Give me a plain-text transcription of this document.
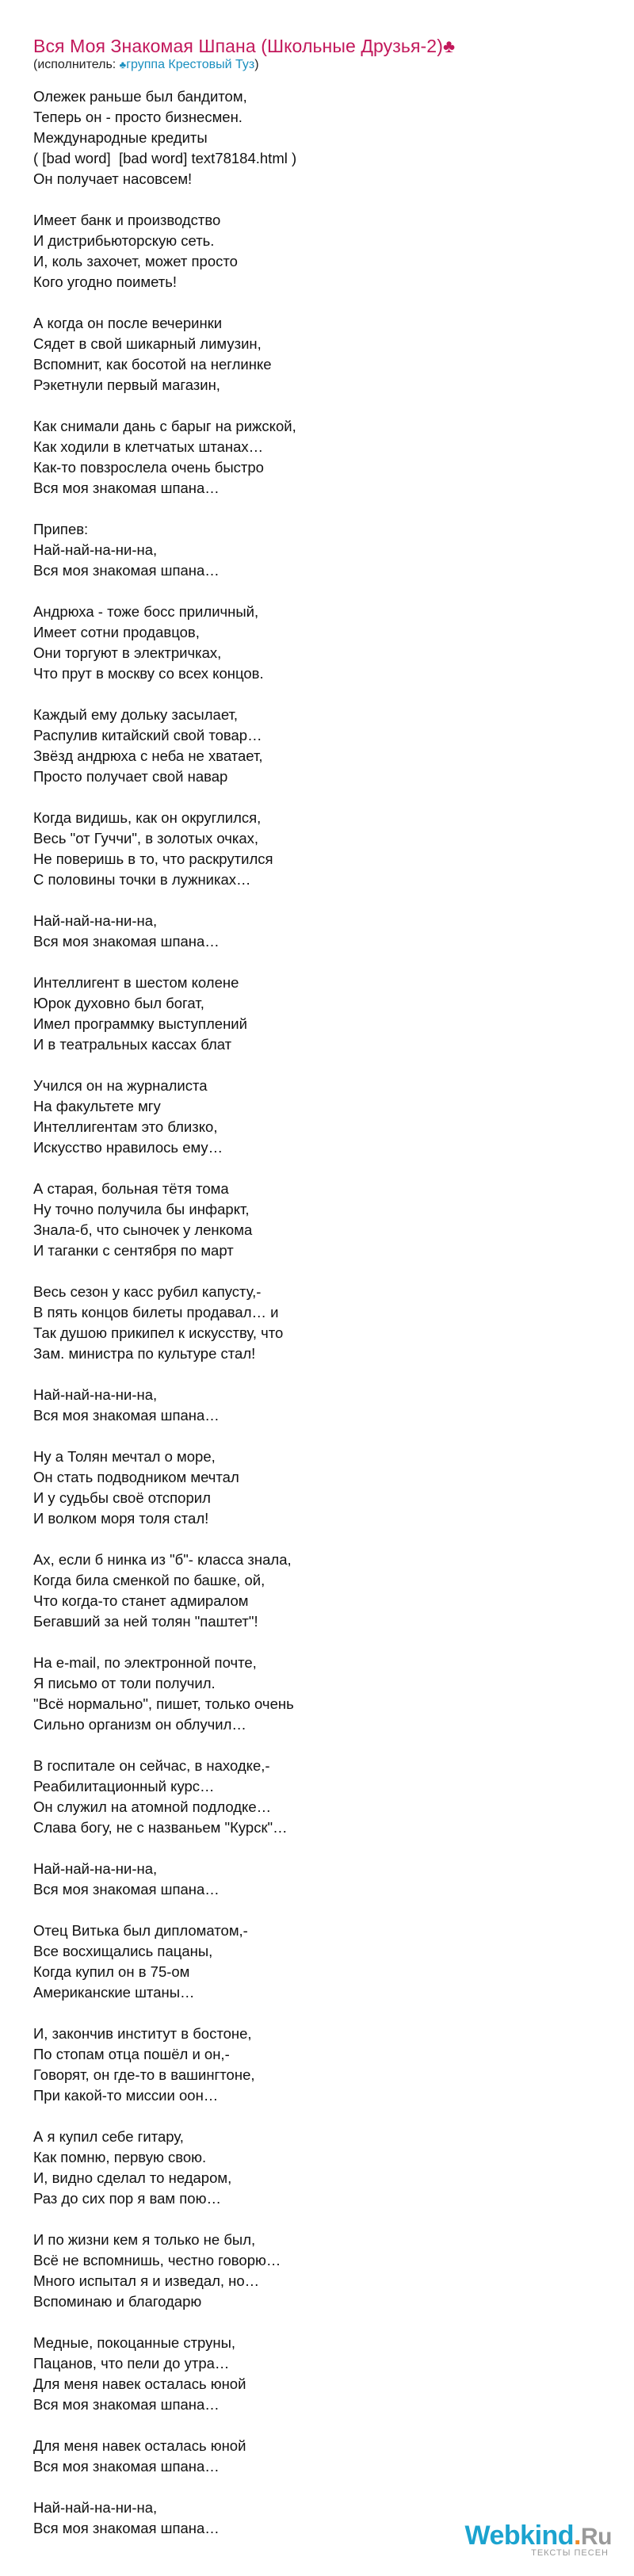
Вся Моя Знакомая Шпана (Школьные Друзья-2)♣
(исполнитель: ♣группа Крестовый Туз)
Олежек раньше был бандитом,
Теперь он - просто бизнесмен.
Международные кредиты
( [bad word]  [bad word] text78184.html )
Он получает насовсем!
Имеет банк и производство
И дистрибьюторскую сеть.
И, коль захочет, может просто
Кого угодно поиметь!
А когда он после вечеринки
Сядет в свой шикарный лимузин,
Вспомнит, как босотой на неглинке
Рэкетнули первый магазин,
Как снимали дань с барыг на рижской,
Как ходили в клетчатых штанах…
Как-то повзрослела очень быстро
Вся моя знакомая шпана…
Припев:
Най-най-на-ни-на,
Вся моя знакомая шпана…
Андрюха - тоже босс приличный,
Имеет сотни продавцов,
Они торгуют в электричках,
Что прут в москву со всех концов.
Каждый ему дольку засылает,
Распулив китайский свой товар…
Звёзд андрюха с неба не хватает,
Просто получает свой навар
Когда видишь, как он округлился,
Весь "от Гуччи", в золотых очках,
Не поверишь в то, что раскрутился
С половины точки в лужниках…
Най-най-на-ни-на,
Вся моя знакомая шпана…
Интеллигент в шестом колене
Юрок духовно был богат,
Имел программку выступлений
И в театральных кассах блат
Учился он на журналиста
На факультете мгу
Интеллигентам это близко,
Искусство нравилось ему…
А старая, больная тётя тома
Ну точно получила бы инфаркт,
Знала-б, что сыночек у ленкома
И таганки с сентября по март
Весь сезон у касс рубил капусту,-
В пять концов билеты продавал… и
Так душою прикипел к искусству, что
Зам. министра по культуре стал!
Най-най-на-ни-на,
Вся моя знакомая шпана…
Ну а Толян мечтал о море,
Он стать подводником мечтал
И у судьбы своё отспорил
И волком моря толя стал!
Ах, если б нинка из "б"- класса знала,
Когда била сменкой по башке, ой,
Что когда-то станет адмиралом
Бегавший за ней толян "паштет"!
На e-mail, по электронной почте,
Я письмо от толи получил.
"Всё нормально", пишет, только очень
Сильно организм он облучил…
В госпитале он сейчас, в находке,-
Реабилитационный курс…
Он служил на атомной подлодке…
Слава богу, не с названьем "Курск"…
Най-най-на-ни-на,
Вся моя знакомая шпана…
Отец Витька был дипломатом,-
Все восхищались пацаны,
Когда купил он в 75-ом
Американские штаны…
И, закончив институт в бостоне,
По стопам отца пошёл и он,-
Говорят, он где-то в вашингтоне,
При какой-то миссии оон…
А я купил себе гитару,
Как помню, первую свою.
И, видно сделал то недаром,
Раз до сих пор я вам пою…
И по жизни кем я только не был,
Всё не вспомнишь, честно говорю…
Много испытал я и изведал, но…
Вспоминаю и благодарю
Медные, покоцанные струны,
Пацанов, что пели до утра…
Для меня навек осталась юной
Вся моя знакомая шпана…
Для меня навек осталась юной
Вся моя знакомая шпана…
Най-най-на-ни-на,
Вся моя знакомая шпана…	Webkind.Ru
ТЕКСТЫ ПЕСЕН
